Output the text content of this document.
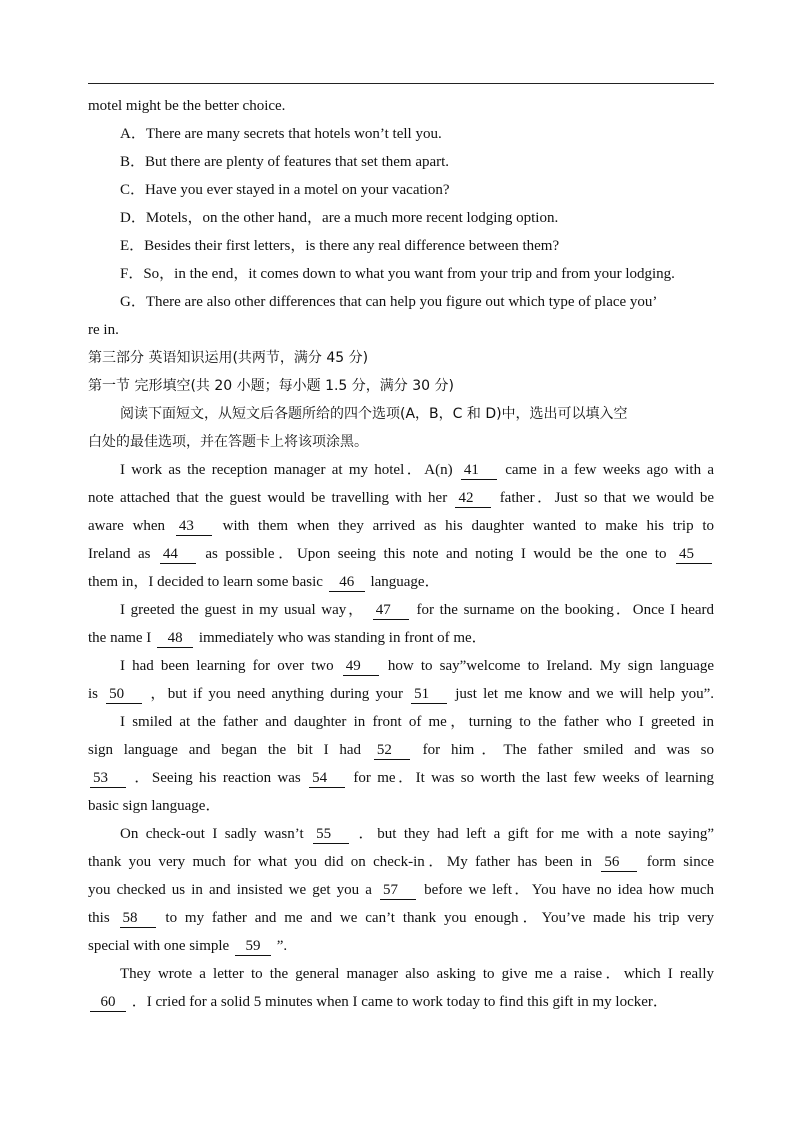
motel might be the better choice.
A．There are many secrets that hotels won’t tell you.
B．But there are plenty of features that set them apart.
C．Have you ever stayed in a motel on your vacation?
D．Motels，on the other hand，are a much more recent lodging option.
E．Besides their first letters，is there any real difference between them?
F．So，in the end，it comes down to what you want from your trip and from your lodging.
G．There are also other differences that can help you figure out which type of place you’
re in.
第三部分 英语知识运用(共两节，满分 45 分)
第一节 完形填空(共 20 小题；每小题 1.5 分，满分 30 分)
阅读下面短文，从短文后各题所给的四个选项(A，B，C 和 D)中，选出可以填入空
白处的最佳选项，并在答题卡上将该项涂黑。
I work as the reception manager at my hotel．A(n) 41 came in a few weeks ago with a
note attached that the guest would be travelling with her 42 father．Just so that we would be
aware when 43 with them when they arrived as his daughter wanted to make his trip to
Ireland as 44 as possible．Upon seeing this note and noting I would be the one to 45
them in，I decided to learn some basic 46 language．
I greeted the guest in my usual way， 47 for the surname on the booking．Once I heard
the name I 48 immediately who was standing in front of me．
I had been learning for over two 49 how to say”welcome to Ireland. My sign language
is 50 ，but if you need anything during your 51 just let me know and we will help you”.
I smiled at the father and daughter in front of me，turning to the father who I greeted in
sign language and began the bit I had 52 for him．The father smiled and was so
53 ．Seeing his reaction was 54 for me．It was so worth the last few weeks of learning
basic sign language．
On check-out I sadly wasn’t 55 ．but they had left a gift for me with a note saying”
thank you very much for what you did on check-in．My father has been in 56 form since
you checked us in and insisted we get you a 57 before we left．You have no idea how much
this 58 to my father and me and we can’t thank you enough．You’ve made his trip very
special with one simple 59 ”.
They wrote a letter to the general manager also asking to give me a raise．which I really
60 ．I cried for a solid 5 minutes when I came to work today to find this gift in my locker．
